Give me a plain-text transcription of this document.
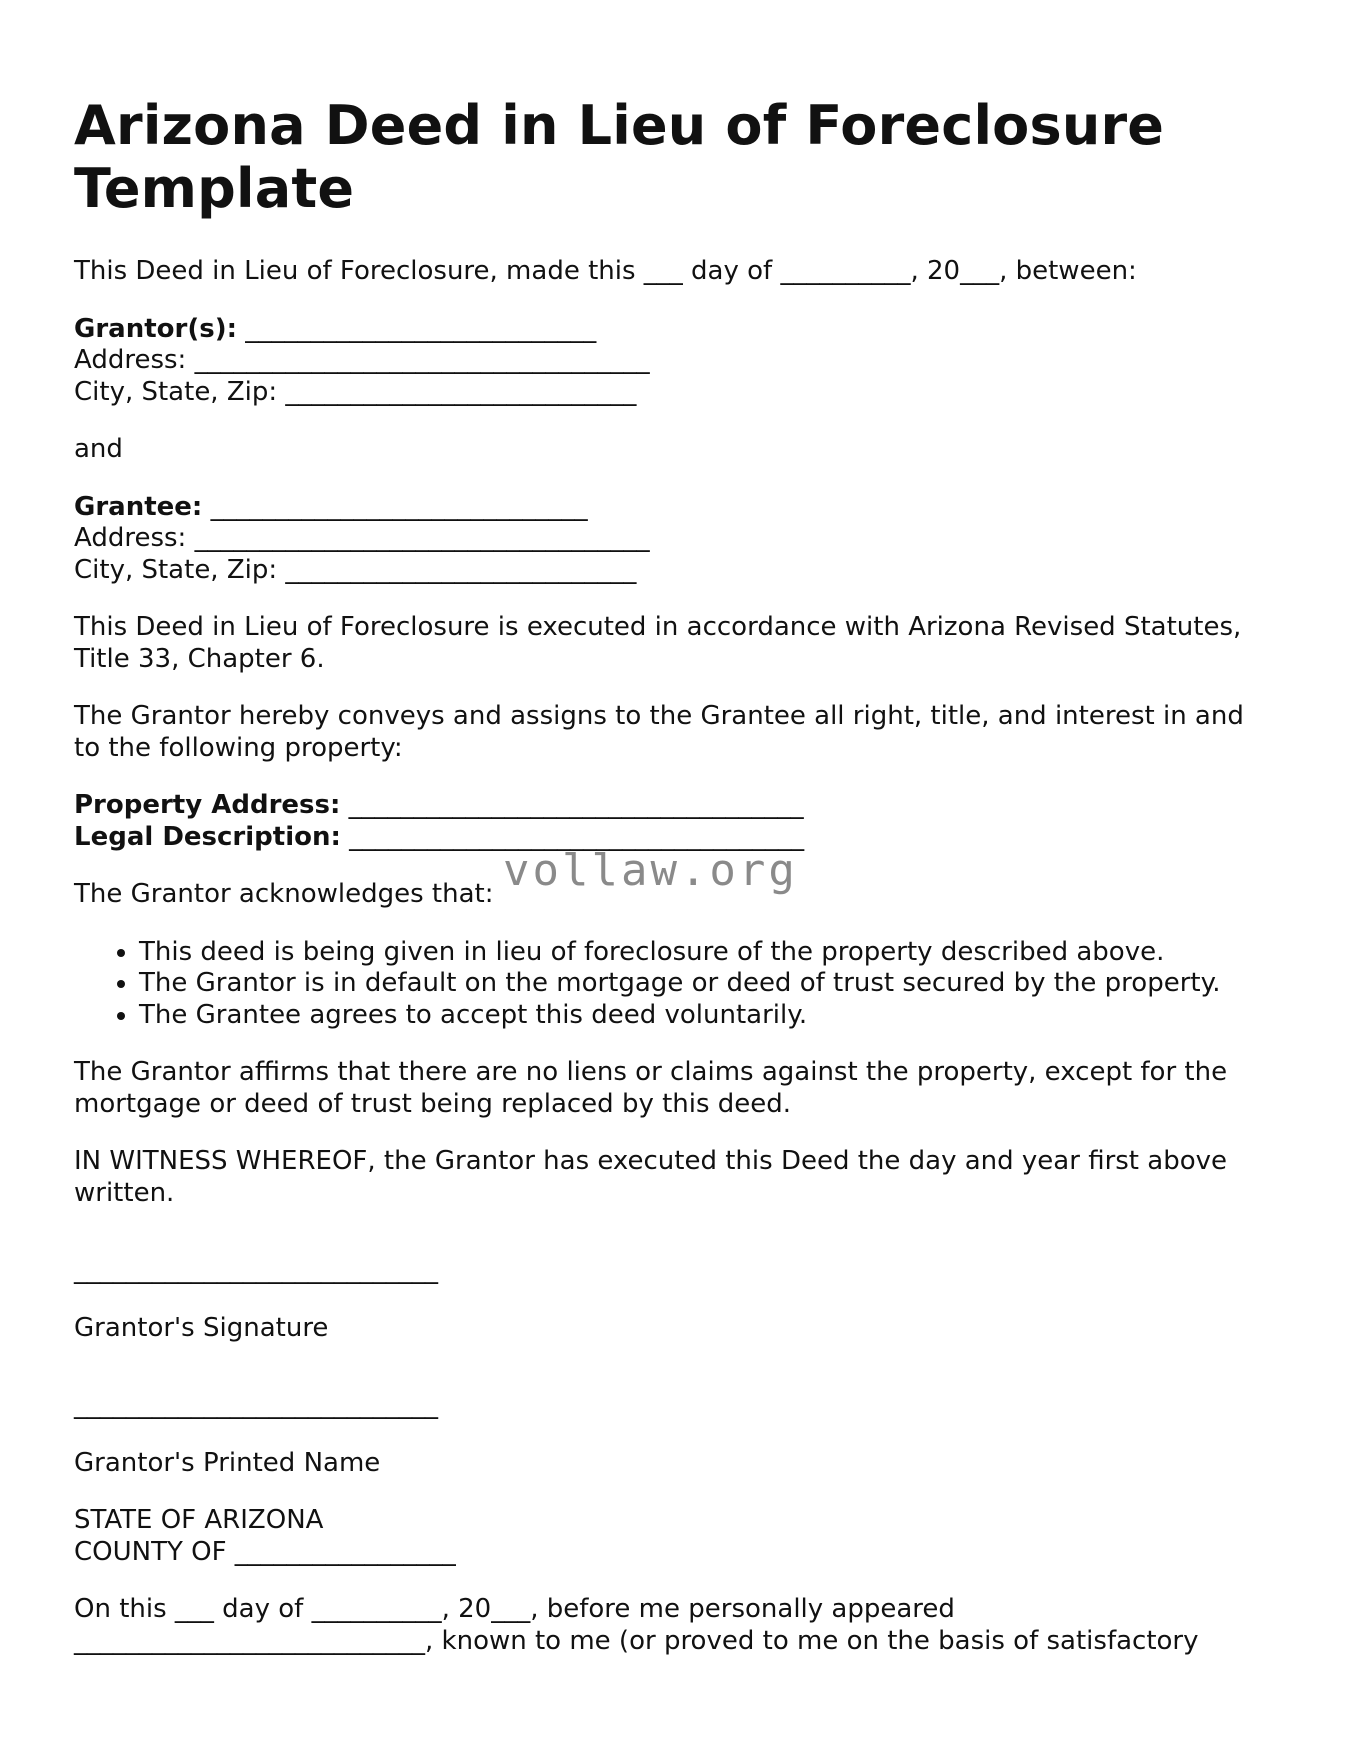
Arizona Deed in Lieu of Foreclosure Template

This Deed in Lieu of Foreclosure, made this ___ day of __________, 20___, between:

Grantor(s): ___________________________

Address: ___________________________________

City, State, Zip: ___________________________

and

Grantee: _____________________________

Address: ___________________________________

City, State, Zip: ___________________________

This Deed in Lieu of Foreclosure is executed in accordance with Arizona Revised Statutes, Title 33, Chapter 6.

The Grantor hereby conveys and assigns to the Grantee all right, title, and interest in and to the following property:

Property Address: ___________________________________

Legal Description: ___________________________________

The Grantor acknowledges that:

• This deed is being given in lieu of foreclosure of the property described above.
• The Grantor is in default on the mortgage or deed of trust secured by the property.
• The Grantee agrees to accept this deed voluntarily.

The Grantor affirms that there are no liens or claims against the property, except for the mortgage or deed of trust being replaced by this deed.

IN WITNESS WHEREOF, the Grantor has executed this Deed the day and year first above written.

____________________________

Grantor's Signature

____________________________

Grantor's Printed Name

STATE OF ARIZONA

COUNTY OF _________________

On this ___ day of __________, 20___, before me personally appeared

___________________________, known to me (or proved to me on the basis of satisfactory

vollaw.org
